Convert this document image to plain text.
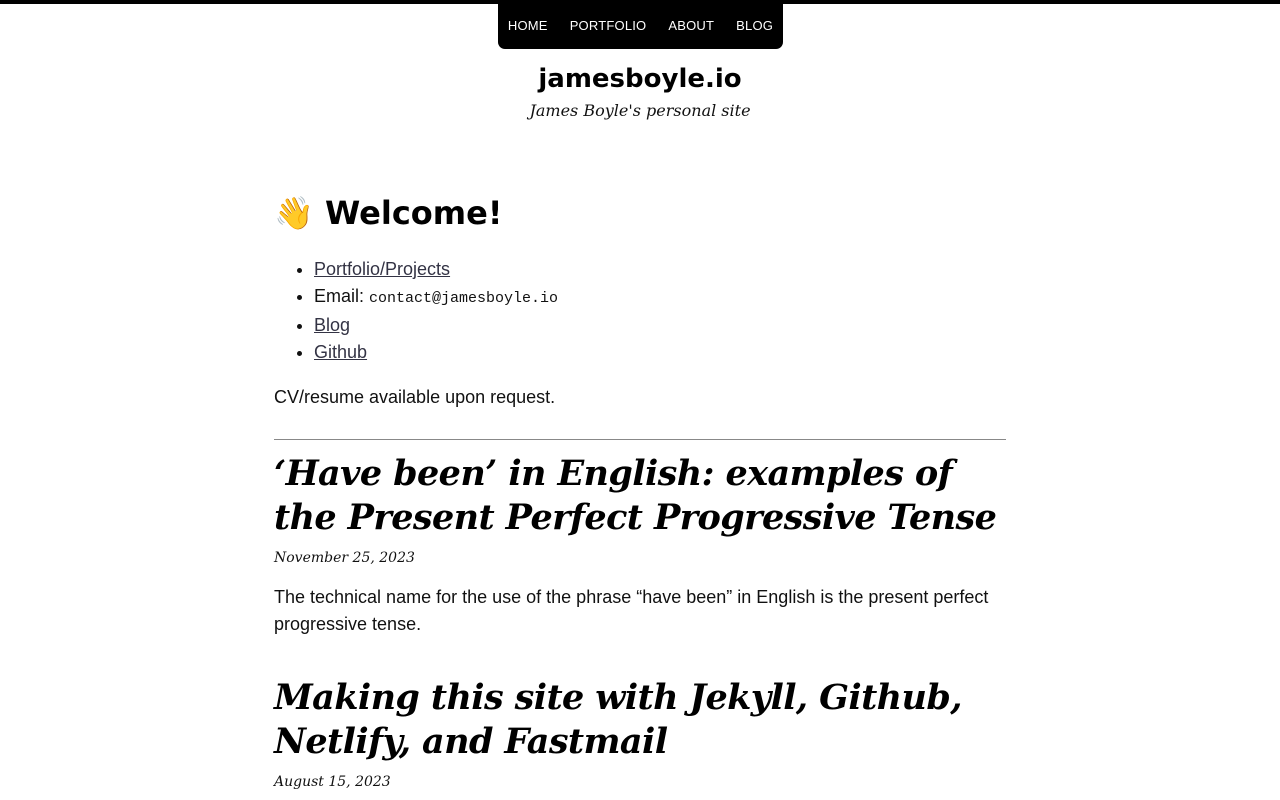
HOME PORTFOLIO ABOUT BLOG
jamesboyle.io

James Boyle's personal site

👋 Welcome!
• Portfolio/Projects
• Email: contact@jamesboyle.io
• Blog
• Github

CV/resume available upon request.

‘Have been’ in English: examples of the Present Perfect Progressive Tense

November 25, 2023

The technical name for the use of the phrase “have been” in English is the present perfect progressive tense.

Making this site with Jekyll, Github, Netlify, and Fastmail

August 15, 2023
